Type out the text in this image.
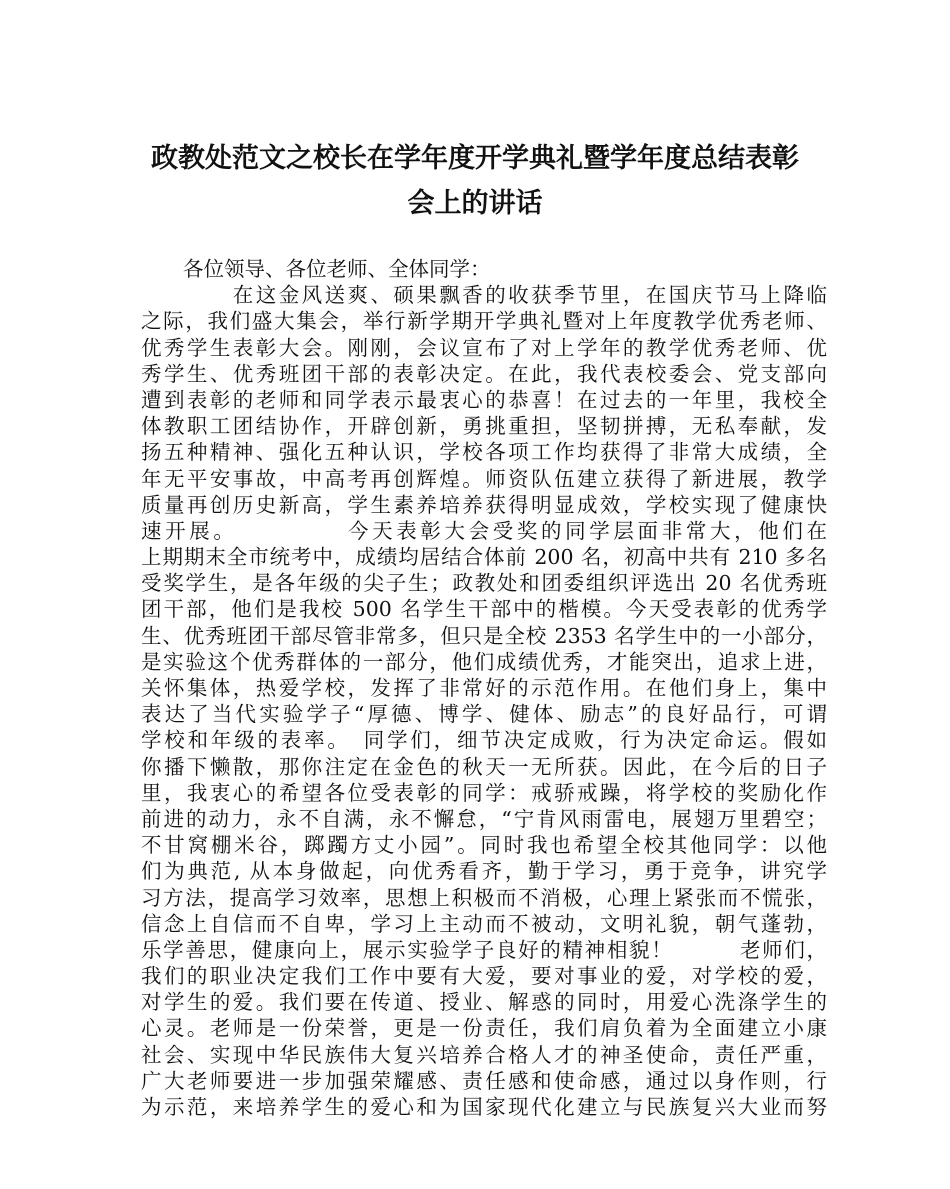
政教处范文之校长在学年度开学典礼暨学年度总结表彰
会上的讲话
各位领导、各位老师、全体同学：
　　　　在这金风送爽、硕果飘香的收获季节里，在国庆节马上降临
之际，我们盛大集会，举行新学期开学典礼暨对上年度教学优秀老师、
优秀学生表彰大会。刚刚，会议宣布了对上学年的教学优秀老师、优
秀学生、优秀班团干部的表彰决定。在此，我代表校委会、党支部向
遭到表彰的老师和同学表示最衷心的恭喜！在过去的一年里，我校全
体教职工团结协作，开辟创新，勇挑重担，坚韧拼搏，无私奉献，发
扬五种精神、强化五种认识，学校各项工作均获得了非常大成绩，全
年无平安事故，中高考再创辉煌。师资队伍建立获得了新进展，教学
质量再创历史新高，学生素养培养获得明显成效，学校实现了健康快
速开展。　　　　　今天表彰大会受奖的同学层面非常大，他们在
上期期末全市统考中，成绩均居结合体前 200 名，初高中共有 210 多名
受奖学生，是各年级的尖子生；政教处和团委组织评选出 20 名优秀班
团干部，他们是我校 500 名学生干部中的楷模。今天受表彰的优秀学
生、优秀班团干部尽管非常多，但只是全校 2353 名学生中的一小部分，
是实验这个优秀群体的一部分，他们成绩优秀，才能突出，追求上进，
关怀集体，热爱学校，发挥了非常好的示范作用。在他们身上，集中
表达了当代实验学子“厚德、博学、健体、励志”的良好品行，可谓
学校和年级的表率。　同学们，细节决定成败，行为决定命运。假如
你播下懒散，那你注定在金色的秋天一无所获。因此，在今后的日子
里，我衷心的希望各位受表彰的同学：戒骄戒躁，将学校的奖励化作
前进的动力，永不自满，永不懈怠，“宁肯风雨雷电，展翅万里碧空；
不甘窝棚米谷，踯躅方丈小园”。同时我也希望全校其他同学：以他
们为典范, 从本身做起，向优秀看齐，勤于学习，勇于竞争，讲究学
习方法，提高学习效率，思想上积极而不消极，心理上紧张而不慌张，
信念上自信而不自卑，学习上主动而不被动，文明礼貌，朝气蓬勃，
乐学善思，健康向上，展示实验学子良好的精神相貌！　　　老师们，
我们的职业决定我们工作中要有大爱，要对事业的爱，对学校的爱，
对学生的爱。我们要在传道、授业、解惑的同时，用爱心洗涤学生的
心灵。老师是一份荣誉，更是一份责任，我们肩负着为全面建立小康
社会、实现中华民族伟大复兴培养合格人才的神圣使命，责任严重，
广大老师要进一步加强荣耀感、责任感和使命感，通过以身作则，行
为示范，来培养学生的爱心和为国家现代化建立与民族复兴大业而努
